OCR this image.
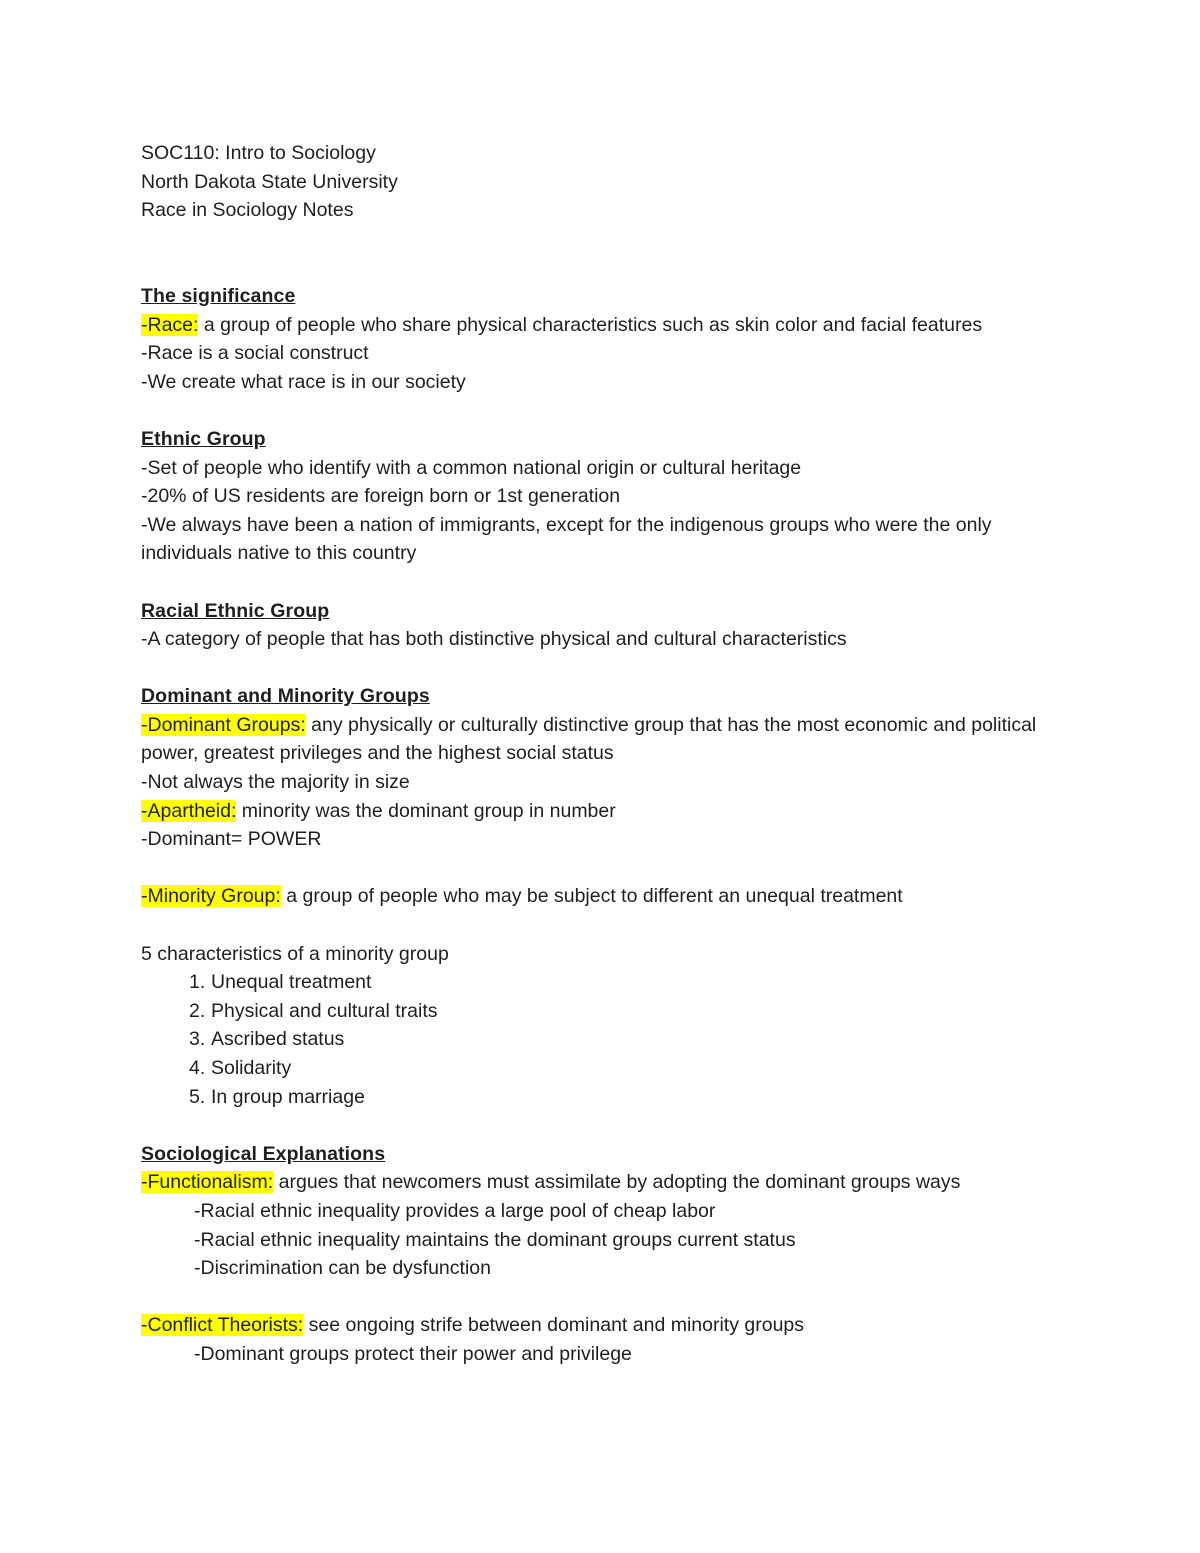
SOC110: Intro to Sociology
North Dakota State University
Race in Sociology Notes
The significance
-Race: a group of people who share physical characteristics such as skin color and facial features
-Race is a social construct
-We create what race is in our society
Ethnic Group
-Set of people who identify with a common national origin or cultural heritage
-20% of US residents are foreign born or 1st generation
-We always have been a nation of immigrants, except for the indigenous groups who were the only individuals native to this country
Racial Ethnic Group
-A category of people that has both distinctive physical and cultural characteristics
Dominant and Minority Groups
-Dominant Groups: any physically or culturally distinctive group that has the most economic and political power, greatest privileges and the highest social status
-Not always the majority in size
-Apartheid: minority was the dominant group in number
-Dominant= POWER
-Minority Group: a group of people who may be subject to different an unequal treatment
5 characteristics of a minority group
1. Unequal treatment
2. Physical and cultural traits
3. Ascribed status
4. Solidarity
5. In group marriage
Sociological Explanations
-Functionalism: argues that newcomers must assimilate by adopting the dominant groups ways
-Racial ethnic inequality provides a large pool of cheap labor
-Racial ethnic inequality maintains the dominant groups current status
-Discrimination can be dysfunction
-Conflict Theorists: see ongoing strife between dominant and minority groups
-Dominant groups protect their power and privilege
